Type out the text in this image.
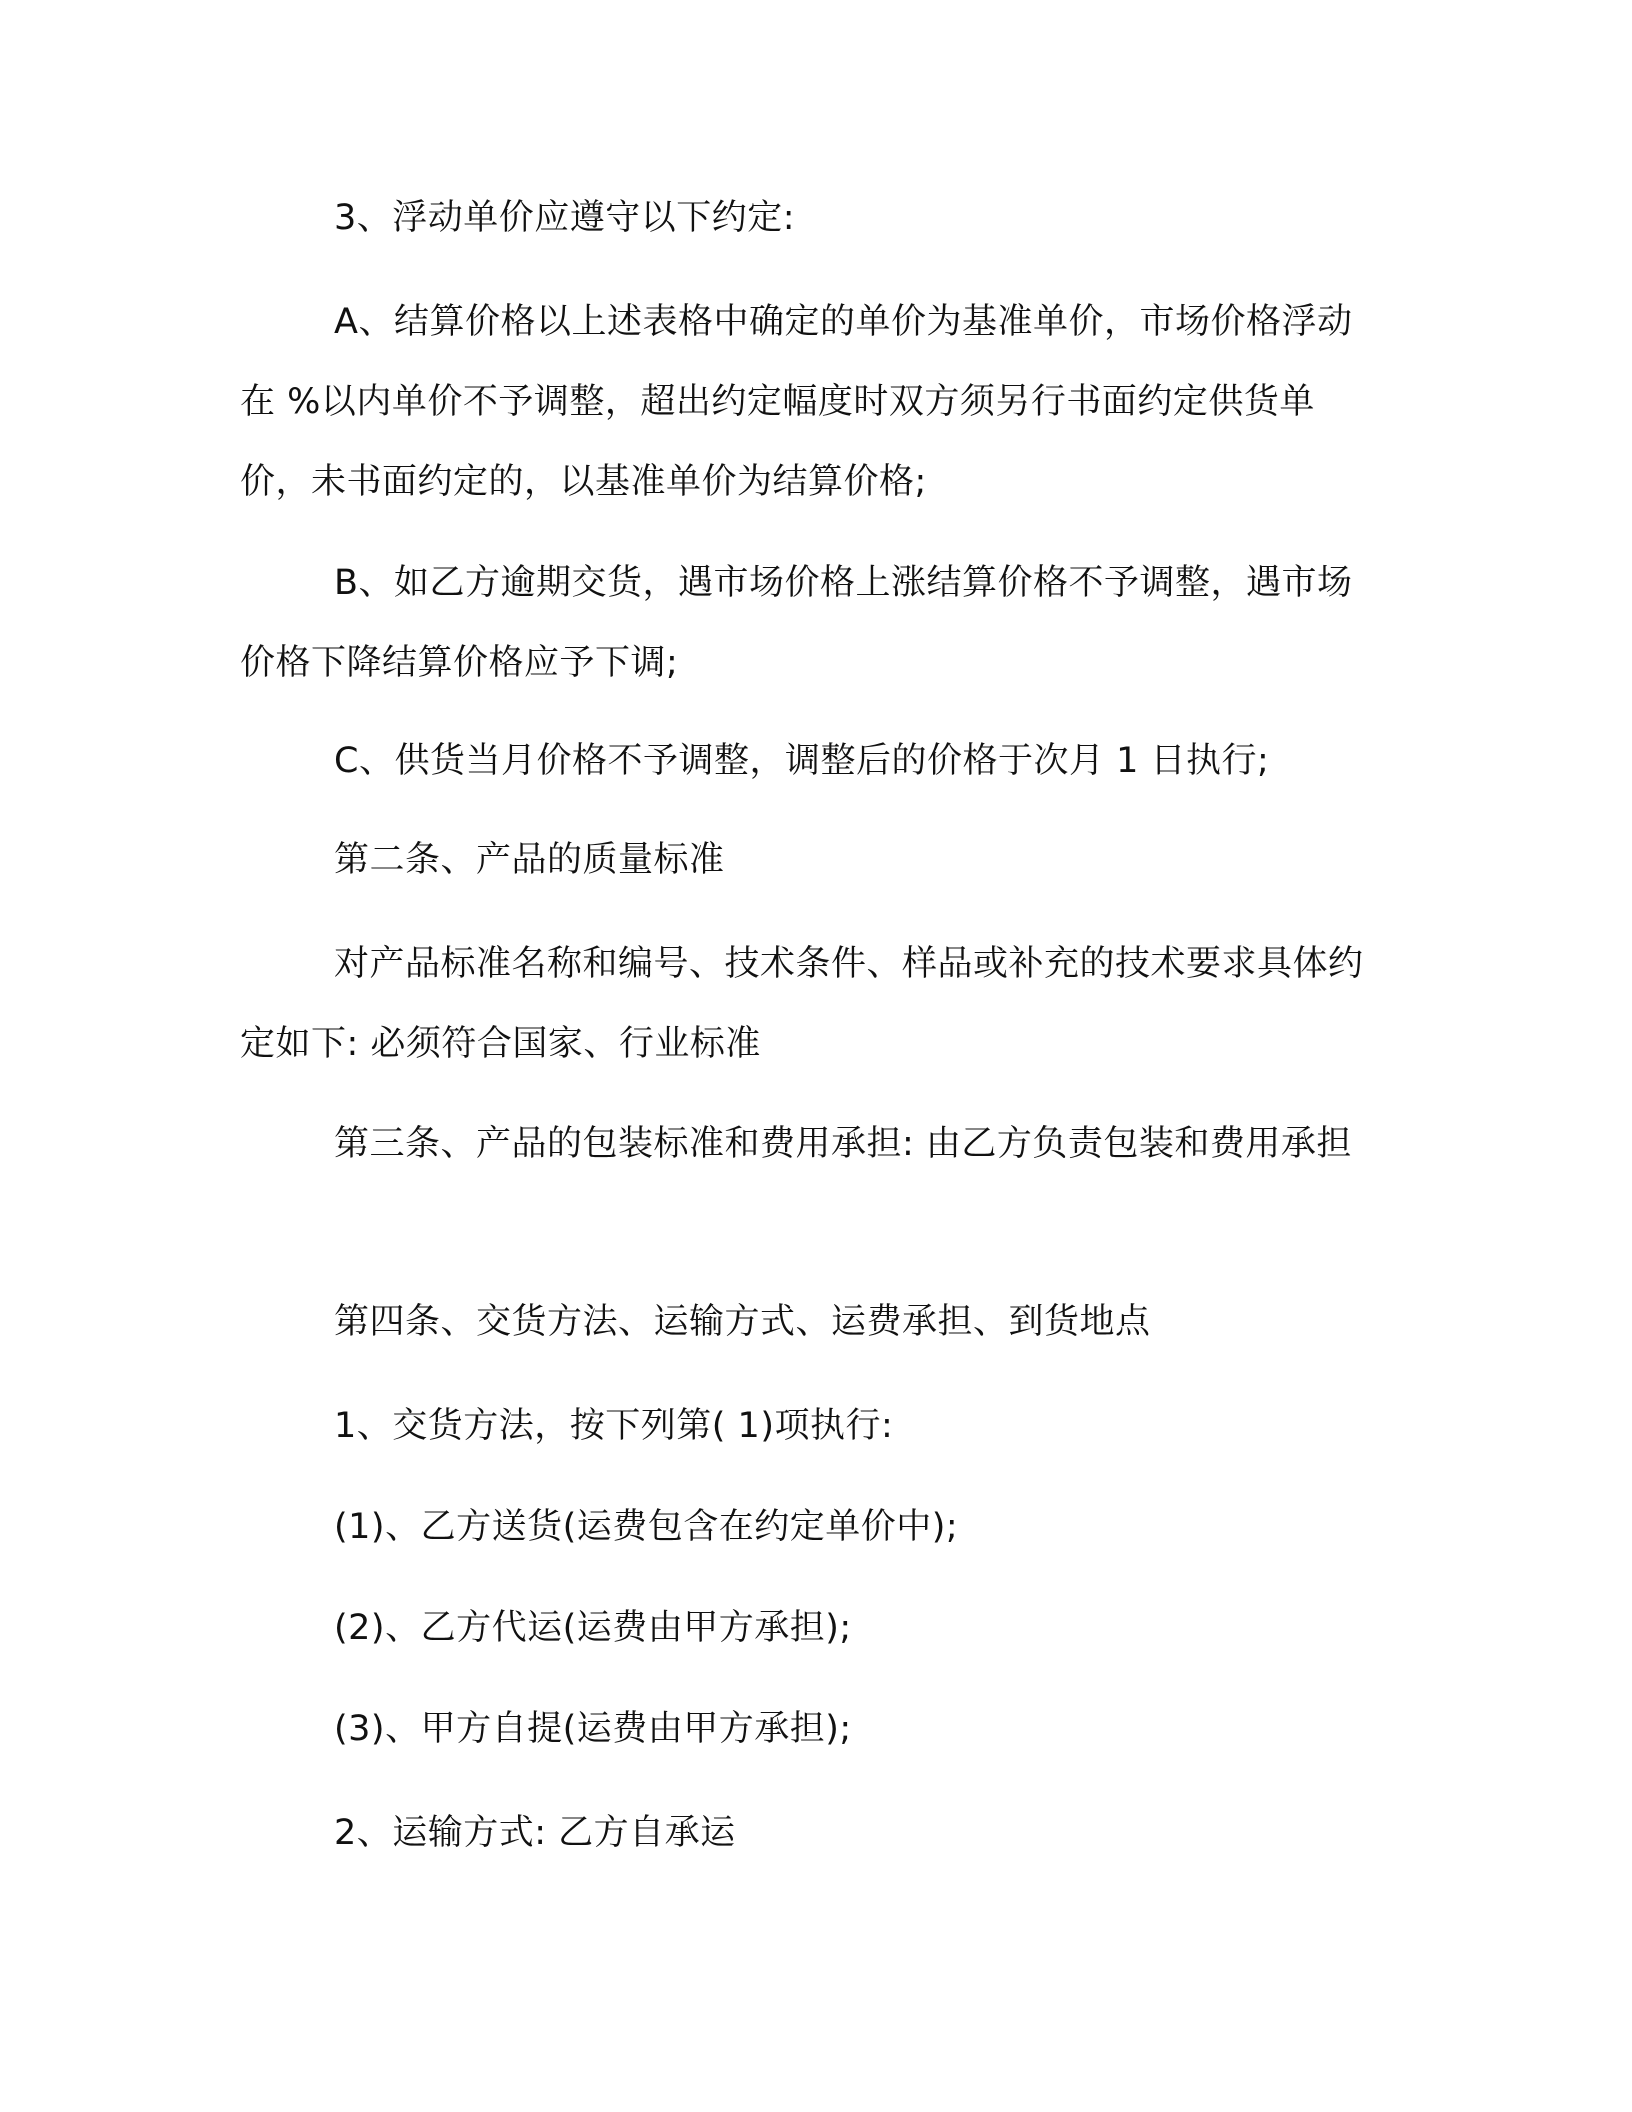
3、浮动单价应遵守以下约定:

A、结算价格以上述表格中确定的单价为基准单价，市场价格浮动在 %以内单价不予调整，超出约定幅度时双方须另行书面约定供货单价，未书面约定的，以基准单价为结算价格;

B、如乙方逾期交货，遇市场价格上涨结算价格不予调整，遇市场价格下降结算价格应予下调;

C、供货当月价格不予调整，调整后的价格于次月 1 日执行;

第二条、产品的质量标准

对产品标准名称和编号、技术条件、样品或补充的技术要求具体约定如下: 必须符合国家、行业标准

第三条、产品的包装标准和费用承担: 由乙方负责包装和费用承担

第四条、交货方法、运输方式、运费承担、到货地点

1、交货方法，按下列第( 1)项执行:

(1)、乙方送货(运费包含在约定单价中);

(2)、乙方代运(运费由甲方承担);

(3)、甲方自提(运费由甲方承担);

2、运输方式: 乙方自承运
